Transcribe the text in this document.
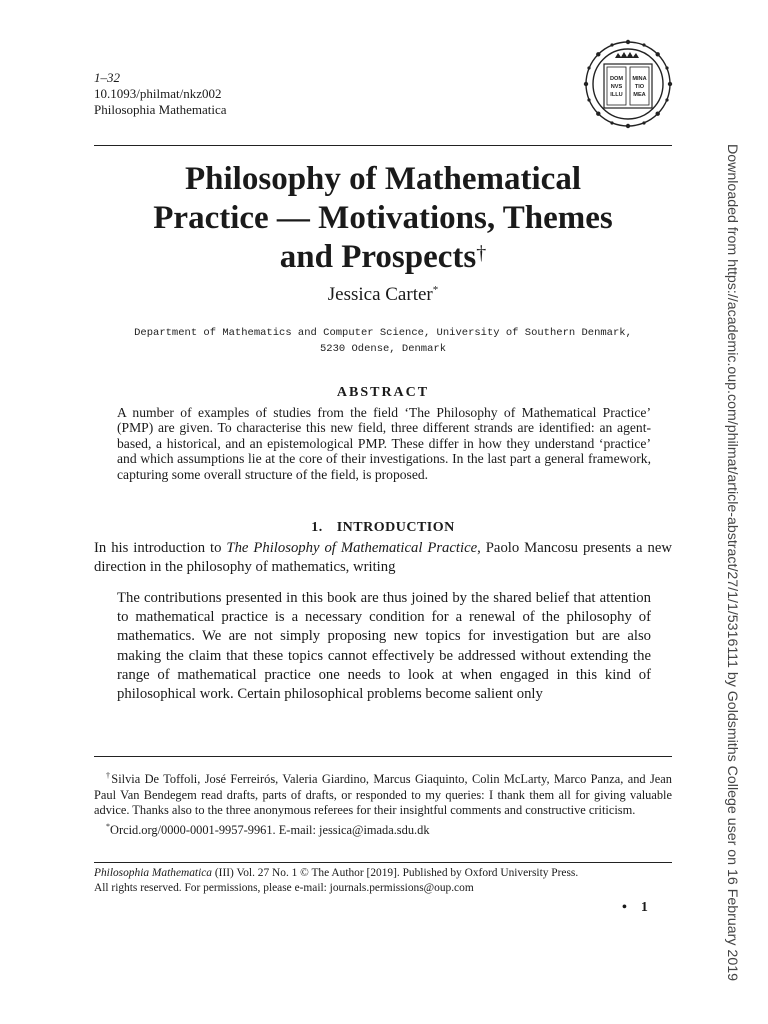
1–32
10.1093/philmat/nkz002
Philosophia Mathematica
DOM MINA
NVS TIO
ILLU MEA
Philosophy of Mathematical
Practice — Motivations, Themes
and Prospects†
Jessica Carter*
Department of Mathematics and Computer Science, University of Southern Denmark,
5230 Odense, Denmark
ABSTRACT
A number of examples of studies from the field ‘The Philosophy of Mathematical Practice’ (PMP) are given. To characterise this new field, three different strands are identified: an agent-based, a historical, and an epistemological PMP. These differ in how they understand ‘practice’ and which assumptions lie at the core of their investigations. In the last part a general framework, capturing some overall structure of the field, is proposed.
1. INTRODUCTION
In his introduction to The Philosophy of Mathematical Practice, Paolo Mancosu presents a new direction in the philosophy of mathematics, writing
The contributions presented in this book are thus joined by the shared belief that attention to mathematical practice is a necessary condition for a renewal of the philosophy of mathematics. We are not simply proposing new topics for investigation but are also making the claim that these topics cannot effectively be addressed without extending the range of mathematical practice one needs to look at when engaged in this kind of philosophical work. Certain philosophical problems become salient only

†Silvia De Toffoli, José Ferreirós, Valeria Giardino, Marcus Giaquinto, Colin McLarty, Marco Panza, and Jean Paul Van Bendegem read drafts, parts of drafts, or responded to my queries: I thank them all for giving valuable advice. Thanks also to the three anonymous referees for their insightful comments and constructive criticism.

*Orcid.org/0000-0001-9957-9961. E-mail: jessica@imada.sdu.dk

Philosophia Mathematica (III) Vol. 27 No. 1 © The Author [2019]. Published by Oxford University Press.
All rights reserved. For permissions, please e-mail: journals.permissions@oup.com
• 1	Downloaded from https://academic.oup.com/philmat/article-abstract/27/1/1/5316111 by Goldsmiths College user on 16 February 2019
